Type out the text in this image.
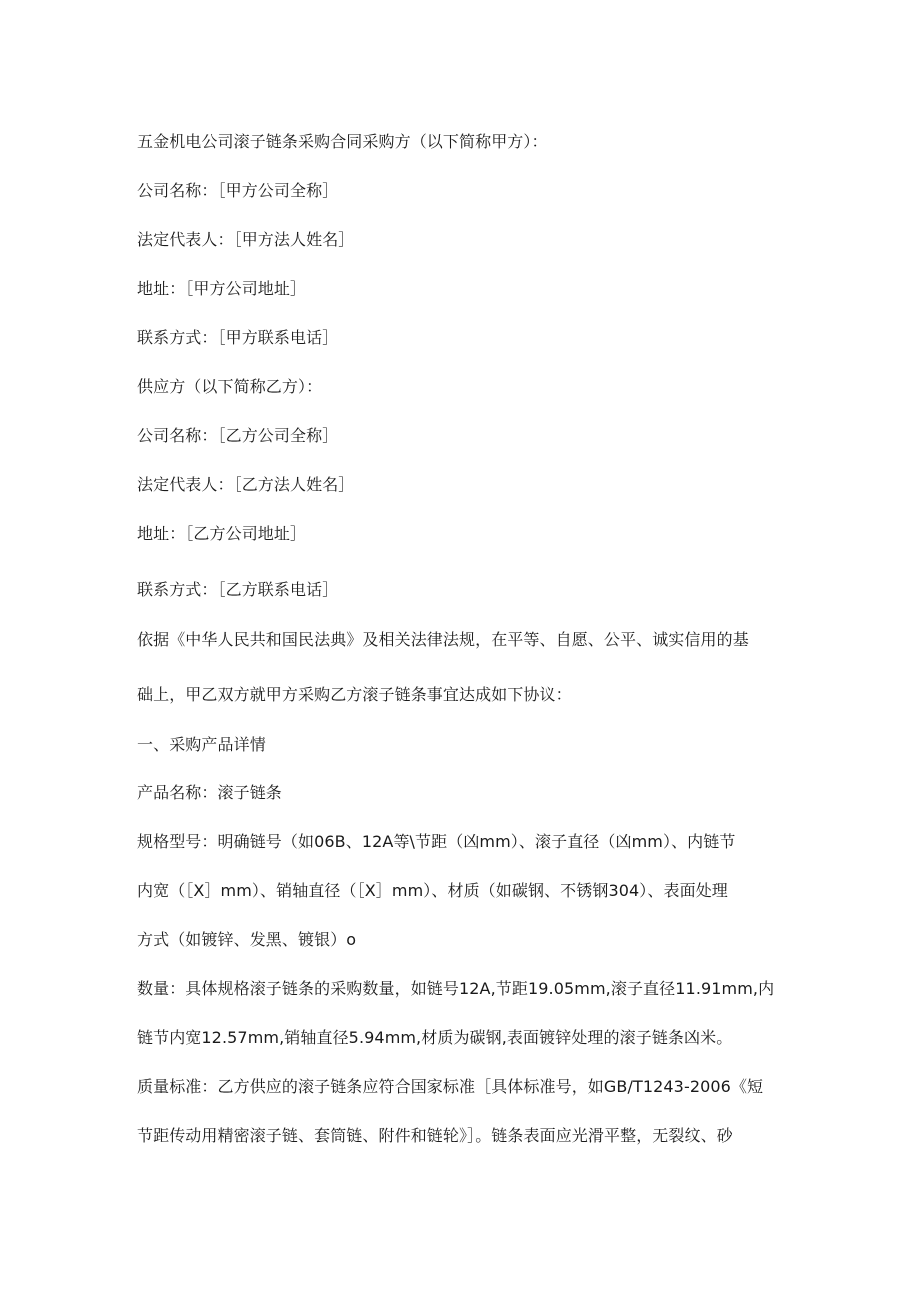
五金机电公司滚子链条采购合同采购方（以下简称甲方）：
公司名称：［甲方公司全称］
法定代表人：［甲方法人姓名］
地址：［甲方公司地址］
联系方式：［甲方联系电话］
供应方（以下简称乙方）：
公司名称：［乙方公司全称］
法定代表人：［乙方法人姓名］
地址：［乙方公司地址］
联系方式：［乙方联系电话］
依据《中华人民共和国民法典》及相关法律法规，在平等、自愿、公平、诚实信用的基
础上，甲乙双方就甲方采购乙方滚子链条事宜达成如下协议：
一、采购产品详情
产品名称：滚子链条
规格型号：明确链号（如06B、12A等\节距（凶mm）、滚子直径（凶mm）、内链节
内宽（［X］mm）、销轴直径（［X］mm）、材质（如碳钢、不锈钢304）、表面处理
方式（如镀锌、发黑、镀银）o
数量：具体规格滚子链条的采购数量，如链号12A,节距19.05mm,滚子直径11.91mm,内
链节内宽12.57mm,销轴直径5.94mm,材质为碳钢,表面镀锌处理的滚子链条凶米。
质量标准：乙方供应的滚子链条应符合国家标准［具体标准号，如GB/T1243-2006《短
节距传动用精密滚子链、套筒链、附件和链轮》］。链条表面应光滑平整，无裂纹、砂
